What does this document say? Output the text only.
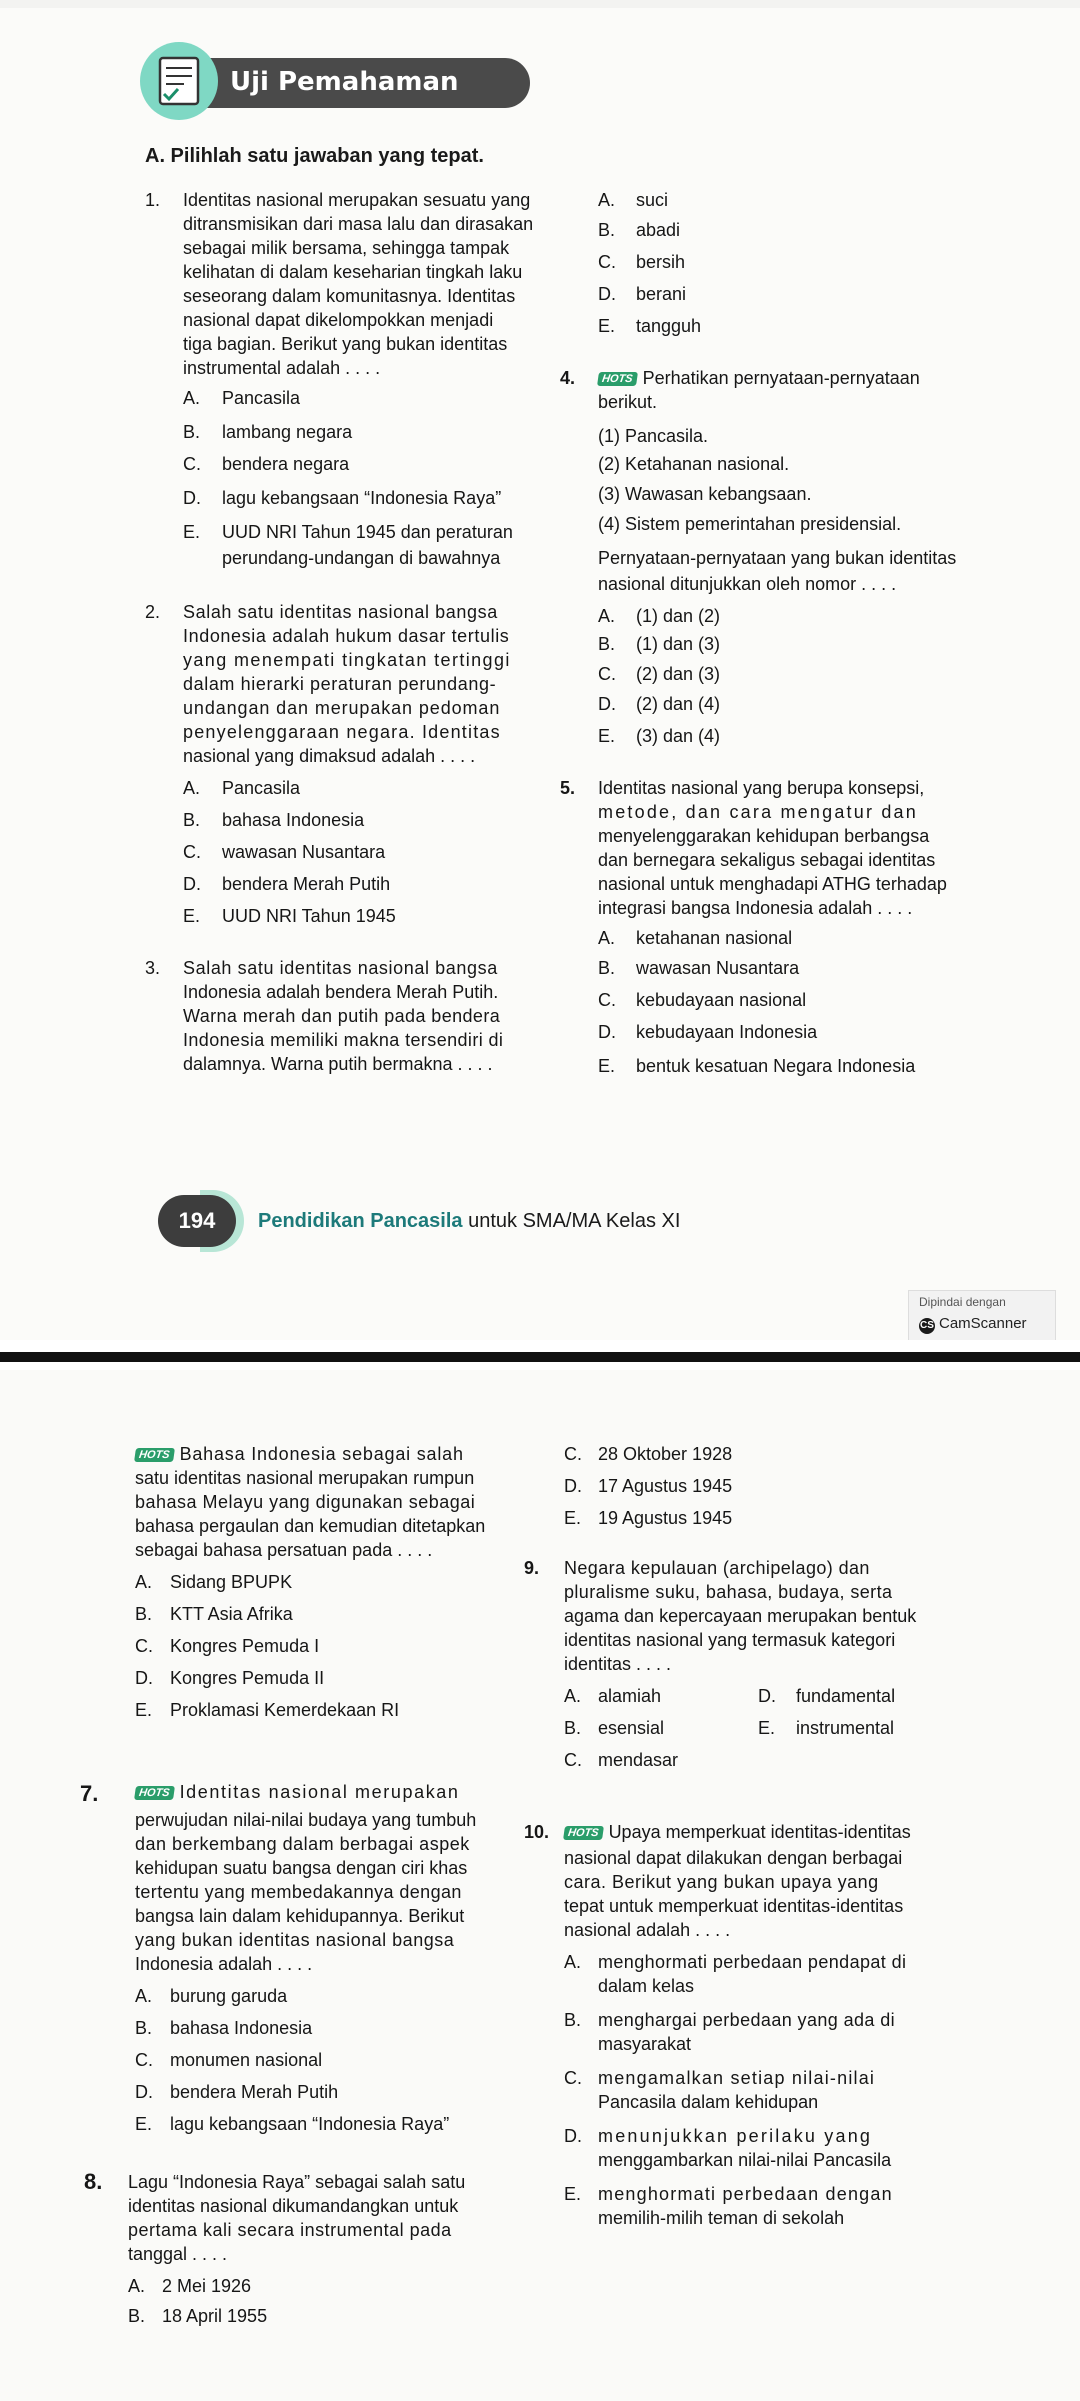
Uji Pemahaman
A. Pilihlah satu jawaban yang tepat.
1. Identitas nasional merupakan sesuatu yang
ditransmisikan dari masa lalu dan dirasakan
sebagai milik bersama, sehingga tampak
kelihatan di dalam keseharian tingkah laku
seseorang dalam komunitasnya. Identitas
nasional dapat dikelompokkan menjadi
tiga bagian. Berikut yang bukan identitas
instrumental adalah . . . .
A. Pancasila
B. lambang negara
C. bendera negara
D. lagu kebangsaan “Indonesia Raya”
E. UUD NRI Tahun 1945 dan peraturan
perundang-undangan di bawahnya
2. Salah satu identitas nasional bangsa
Indonesia adalah hukum dasar tertulis
yang menempati tingkatan tertinggi
dalam hierarki peraturan perundang-
undangan dan merupakan pedoman
penyelenggaraan negara. Identitas
nasional yang dimaksud adalah . . . .
A. Pancasila
B. bahasa Indonesia
C. wawasan Nusantara
D. bendera Merah Putih
E. UUD NRI Tahun 1945
3. Salah satu identitas nasional bangsa
Indonesia adalah bendera Merah Putih.
Warna merah dan putih pada bendera
Indonesia memiliki makna tersendiri di
dalamnya. Warna putih bermakna . . . .
A. suci
B. abadi
C. bersih
D. berani
E. tangguh
4. HOTS Perhatikan pernyataan-pernyataan
berikut.
(1) Pancasila.
(2) Ketahanan nasional.
(3) Wawasan kebangsaan.
(4) Sistem pemerintahan presidensial.
Pernyataan-pernyataan yang bukan identitas
nasional ditunjukkan oleh nomor . . . .
A. (1) dan (2)
B. (1) dan (3)
C. (2) dan (3)
D. (2) dan (4)
E. (3) dan (4)
5. Identitas nasional yang berupa konsepsi,
metode, dan cara mengatur dan
menyelenggarakan kehidupan berbangsa
dan bernegara sekaligus sebagai identitas
nasional untuk menghadapi ATHG terhadap
integrasi bangsa Indonesia adalah . . . .
A. ketahanan nasional
B. wawasan Nusantara
C. kebudayaan nasional
D. kebudayaan Indonesia
E. bentuk kesatuan Negara Indonesia
194	Pendidikan Pancasila untuk SMA/MA Kelas XI
Dipindai dengan
CS CamScanner
HOTS Bahasa Indonesia sebagai salah
satu identitas nasional merupakan rumpun
bahasa Melayu yang digunakan sebagai
bahasa pergaulan dan kemudian ditetapkan
sebagai bahasa persatuan pada . . . .
A. Sidang BPUPK
B. KTT Asia Afrika
C. Kongres Pemuda I
D. Kongres Pemuda II
E. Proklamasi Kemerdekaan RI
7.	HOTS Identitas nasional merupakan
perwujudan nilai-nilai budaya yang tumbuh
dan berkembang dalam berbagai aspek
kehidupan suatu bangsa dengan ciri khas
tertentu yang membedakannya dengan
bangsa lain dalam kehidupannya. Berikut
yang bukan identitas nasional bangsa
Indonesia adalah . . . .
A. burung garuda
B. bahasa Indonesia
C. monumen nasional
D. bendera Merah Putih
E. lagu kebangsaan “Indonesia Raya”
8. Lagu “Indonesia Raya” sebagai salah satu
identitas nasional dikumandangkan untuk
pertama kali secara instrumental pada
tanggal . . . .
A. 2 Mei 1926
B. 18 April 1955
C. 28 Oktober 1928
D. 17 Agustus 1945
E. 19 Agustus 1945
9. Negara kepulauan (archipelago) dan
pluralisme suku, bahasa, budaya, serta
agama dan kepercayaan merupakan bentuk
identitas nasional yang termasuk kategori
identitas . . . .
A. alamiah
B. esensial
C. mendasar
D. fundamental
E. instrumental
10. HOTS Upaya memperkuat identitas-identitas
nasional dapat dilakukan dengan berbagai
cara. Berikut yang bukan upaya yang
tepat untuk memperkuat identitas-identitas
nasional adalah . . . .
A. menghormati perbedaan pendapat di
dalam kelas
B. menghargai perbedaan yang ada di
masyarakat
C. mengamalkan setiap nilai-nilai
Pancasila dalam kehidupan
D. menunjukkan perilaku yang
menggambarkan nilai-nilai Pancasila
E. menghormati perbedaan dengan
memilih-milih teman di sekolah
